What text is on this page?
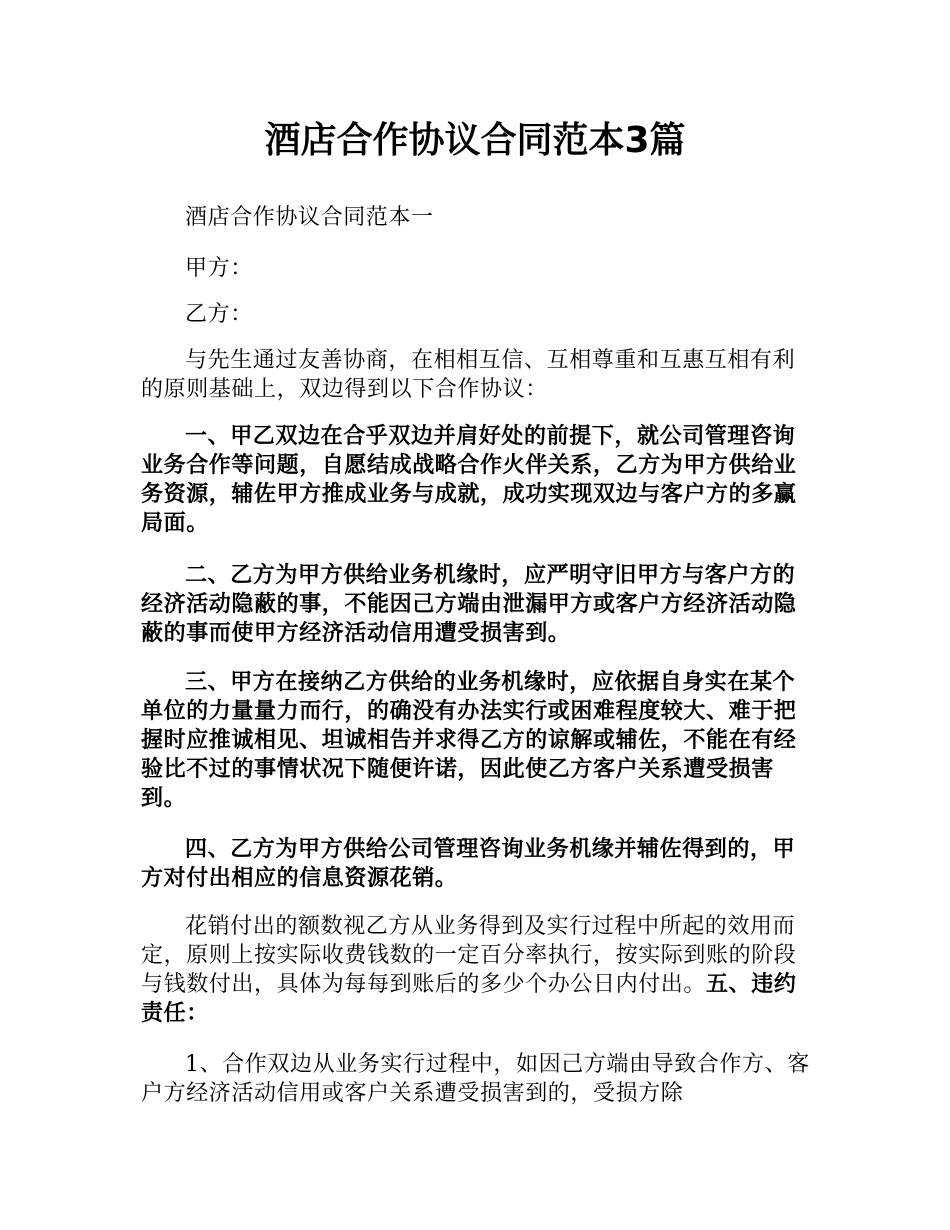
酒店合作协议合同范本3篇

酒店合作协议合同范本一

甲方：

乙方：

与先生通过友善协商，在相相互信、互相尊重和互惠互相有利的原则基础上，双边得到以下合作协议：

一、甲乙双边在合乎双边并肩好处的前提下，就公司管理咨询业务合作等问题，自愿结成战略合作火伴关系，乙方为甲方供给业务资源，辅佐甲方推成业务与成就，成功实现双边与客户方的多赢局面。

二、乙方为甲方供给业务机缘时，应严明守旧甲方与客户方的经济活动隐蔽的事，不能因己方端由泄漏甲方或客户方经济活动隐蔽的事而使甲方经济活动信用遭受损害到。

三、甲方在接纳乙方供给的业务机缘时，应依据自身实在某个单位的力量量力而行，的确没有办法实行或困难程度较大、难于把握时应推诚相见、坦诚相告并求得乙方的谅解或辅佐，不能在有经验比不过的事情状况下随便许诺，因此使乙方客户关系遭受损害到。

四、乙方为甲方供给公司管理咨询业务机缘并辅佐得到的，甲方对付出相应的信息资源花销。

花销付出的额数视乙方从业务得到及实行过程中所起的效用而定，原则上按实际收费钱数的一定百分率执行，按实际到账的阶段与钱数付出，具体为每每到账后的多少个办公日内付出。五、违约责任：

1、合作双边从业务实行过程中，如因己方端由导致合作方、客户方经济活动信用或客户关系遭受损害到的，受损方除
